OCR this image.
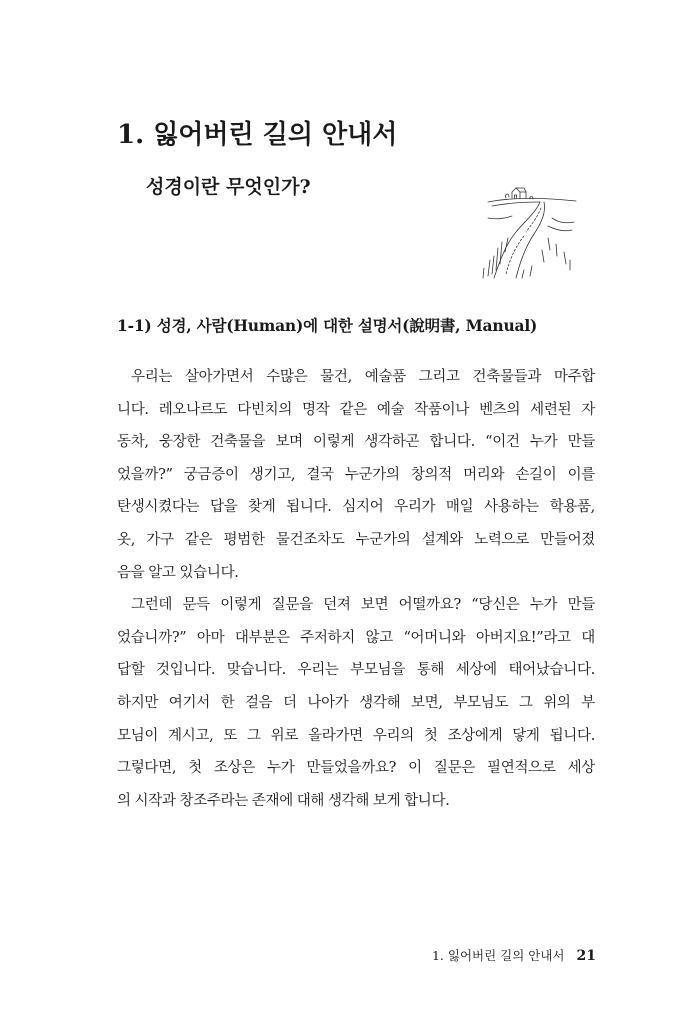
1. 잃어버린 길의 안내서
성경이란 무엇인가?
1-1) 성경, 사람(Human)에 대한 설명서(說明書, Manual)
우리는 살아가면서 수많은 물건, 예술품 그리고 건축물들과 마주합
니다. 레오나르도 다빈치의 명작 같은 예술 작품이나 벤츠의 세련된 자
동차, 웅장한 건축물을 보며 이렇게 생각하곤 합니다. “이건 누가 만들
었을까?” 궁금증이 생기고, 결국 누군가의 창의적 머리와 손길이 이를
탄생시켰다는 답을 찾게 됩니다. 심지어 우리가 매일 사용하는 학용품,
옷, 가구 같은 평범한 물건조차도 누군가의 설계와 노력으로 만들어졌
음을 알고 있습니다.
그런데 문득 이렇게 질문을 던져 보면 어떨까요? “당신은 누가 만들
었습니까?” 아마 대부분은 주저하지 않고 “어머니와 아버지요!”라고 대
답할 것입니다. 맞습니다. 우리는 부모님을 통해 세상에 태어났습니다.
하지만 여기서 한 걸음 더 나아가 생각해 보면, 부모님도 그 위의 부
모님이 계시고, 또 그 위로 올라가면 우리의 첫 조상에게 닿게 됩니다.
그렇다면, 첫 조상은 누가 만들었을까요? 이 질문은 필연적으로 세상
의 시작과 창조주라는 존재에 대해 생각해 보게 합니다.
1. 잃어버린 길의 안내서 21
